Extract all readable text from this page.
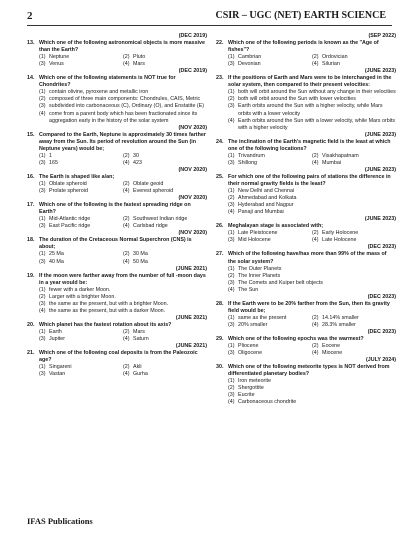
2	CSIR – UGC (NET) EARTH SCIENCE
(DEC 2019)
13. Which one of the following astronomical objects is more massive than the Earth?
(1) Neptune	(2) Pluto
(3) Venus	(4) Mars
(DEC 2019)
14. Which one of the following statements is NOT true for Chondrites?
(1) contain olivine, pyroxene and metallic iron
(2) composed of three main components: Chondrules, CAIS, Metric
(3) subdivided into carbonaceous (C), Ordinary (O), and Enstatite (E)
(4) come from a parent body which has been fractionated since its aggregation early in the history of the solar system
(NOV 2020)
15. Compared to the Earth, Neptune is approximately 30 times farther away from the Sun. Its period of revolution around the Sun (in Neptune years) would be;
(1) 1	(2) 30
(3) 165	(4) 423
(NOV 2020)
16. The Earth is shaped like a/an;
(1) Oblate spheroid	(2) Oblate geoid
(3) Prolate spheroid	(4) Everest spheroid
(NOV 2020)
17. Which one of the following is the fastest spreading ridge on Earth?
(1) Mid-Atlantic ridge	(2) Southwest Indian ridge
(3) East Pacific ridge	(4) Carlsbad ridge
(NOV 2020)
18. The duration of the Cretaceous Normal Superchron (CNS) is about;
(1) 25 Ma	(2) 30 Ma
(3) 40 Ma	(4) 50 Ma
(JUNE 2021)
19. If the moon were farther away from the number of full -moon days in a year would be:
(1) fewer with a darker Moon.
(2) Larger with a brighter Moon.
(3) the same as the present, but with a brighter Moon.
(4) the same as the present, but with a darker Moon.
(JUNE 2021)
20. Which planet has the fastest rotation about its axis?
(1) Earth	(2) Mars
(3) Jupiter	(4) Saturn
(JUNE 2021)
21. Which one of the following coal deposits is from the Paleozoic age?
(1) Singareni	(2) Akli
(3) Vastan	(4) Gurha
(SEP 2022)
22. Which one of the following periods is known as the "Age of fishes"?
(1) Cambrian	(2) Ordovician
(3) Devonian	(4) Silurian
(JUNE 2023)
23. If the positions of Earth and Mars were to be interchanged in the solar system, then compared to their present velocities:
(1) both will orbit around the Sun without any change in their velocities
(2) both will orbit around the Sun with lower velocities
(3) Earth orbits around the Sun with a higher velocity, while Mars orbits with a lower velocity
(4) Earth orbits around the Sun with a lower velocity, while Mars orbits with a higher velocity
(JUNE 2023)
24. The inclination of the Earth's magnetic field is the least at which one of the following locations?
(1) Trivandrum	(2) Visakhapatnam
(3) Shillong	(4) Mumbai
(JUNE 2023)
25. For which one of the following pairs of stations the difference in their normal gravity fields is the least?
(1) New Delhi and Chennai
(2) Ahmedabad and Kolkata
(3) Hyderabad and Nagpur
(4) Panaji and Mumbai
(JUNE 2023)
26. Meghalayan stage is associated with;
(1) Late Pleistocene	(2) Early Holocene
(3) Mid Holocene	(4) Late Holocene
(DEC 2023)
27. Which of the following have/has more than 99% of the mass of the solar system?
(1) The Outer Planets
(2) The Inner Planets
(3) The Comets and Kuiper belt objects
(4) The Sun
(DEC 2023)
28. If the Earth were to be 20% farther from the Sun, then its gravity field would be;
(1) same as the present	(2) 14.14% smaller
(3) 20% smaller	(4) 28.3% smaller
(DEC 2023)
29. Which one of the following epochs was the warmest?
(1) Pliocene	(2) Eocene
(3) Oligocene	(4) Miocene
(JULY 2024)
30. Which one of the following meteorite types is NOT derived from differentiated planetary bodies?
(1) Iron meteorite
(2) Shergottite
(3) Eucrite
(4) Carbonaceous chondrite
IFAS Publications
